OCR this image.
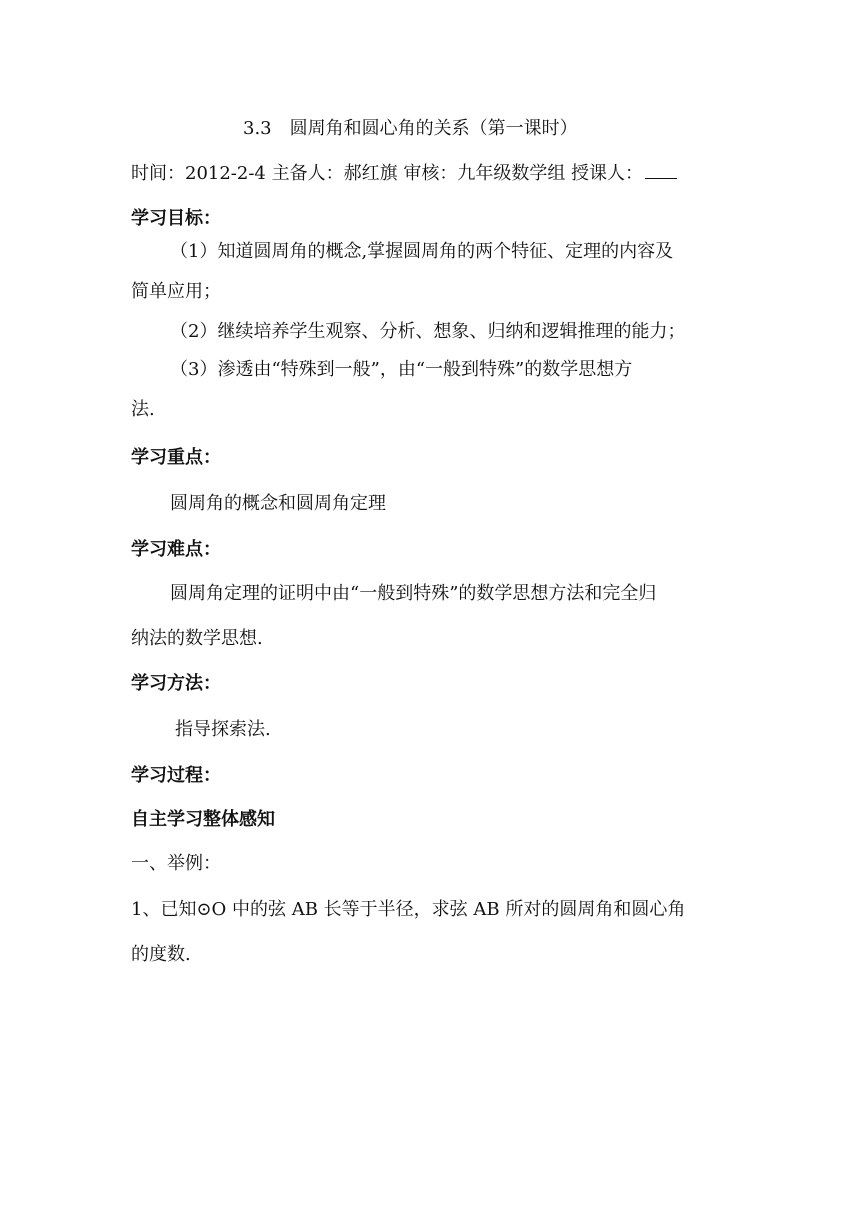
3.3　圆周角和圆心角的关系（第一课时）
时间：2012-2-4 主备人：郝红旗 审核：九年级数学组 授课人：
学习目标：
（1）知道圆周角的概念,掌握圆周角的两个特征、定理的内容及
简单应用；
（2）继续培养学生观察、分析、想象、归纳和逻辑推理的能力；
（3）渗透由“特殊到一般”，由“一般到特殊”的数学思想方
法.
学习重点：
圆周角的概念和圆周角定理
学习难点：
圆周角定理的证明中由“一般到特殊”的数学思想方法和完全归
纳法的数学思想.
学习方法：
指导探索法.
学习过程：
自主学习整体感知
一、举例：
1、已知⊙O 中的弦 AB 长等于半径，求弦 AB 所对的圆周角和圆心角
的度数.
